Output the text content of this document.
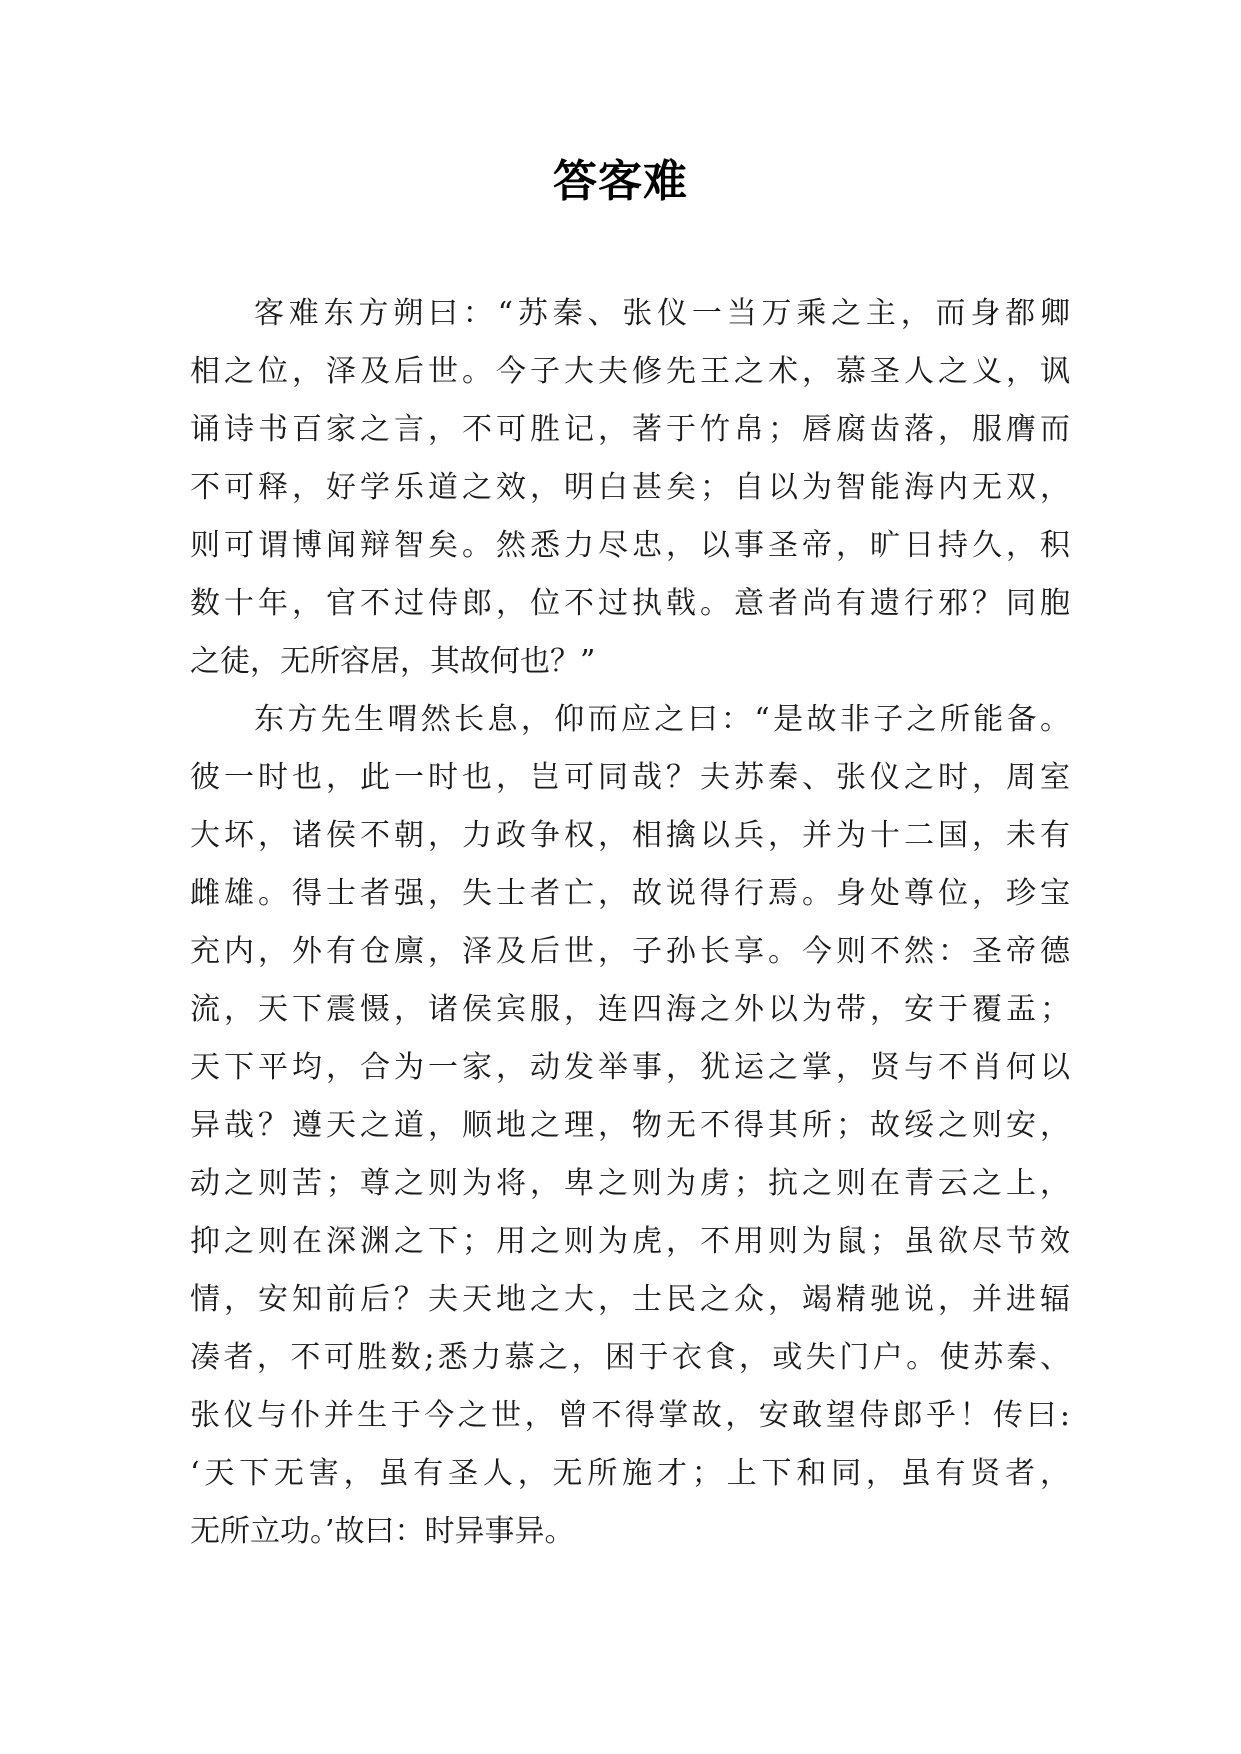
答客难
客难东方朔曰：“苏秦、张仪一当万乘之主，而身都卿
相之位，泽及后世。今子大夫修先王之术，慕圣人之义，讽
诵诗书百家之言，不可胜记，著于竹帛；唇腐齿落，服膺而
不可释，好学乐道之效，明白甚矣；自以为智能海内无双，
则可谓博闻辩智矣。然悉力尽忠，以事圣帝，旷日持久，积
数十年，官不过侍郎，位不过执戟。意者尚有遗行邪？同胞
之徒，无所容居，其故何也？”
东方先生喟然长息，仰而应之曰：“是故非子之所能备。
彼一时也，此一时也，岂可同哉？夫苏秦、张仪之时，周室
大坏，诸侯不朝，力政争权，相擒以兵，并为十二国，未有
雌雄。得士者强，失士者亡，故说得行焉。身处尊位，珍宝
充内，外有仓廪，泽及后世，子孙长享。今则不然：圣帝德
流，天下震慑，诸侯宾服，连四海之外以为带，安于覆盂；
天下平均，合为一家，动发举事，犹运之掌，贤与不肖何以
异哉？遵天之道，顺地之理，物无不得其所；故绥之则安，
动之则苦；尊之则为将，卑之则为虏；抗之则在青云之上，
抑之则在深渊之下；用之则为虎，不用则为鼠；虽欲尽节效
情，安知前后？夫天地之大，士民之众，竭精驰说，并进辐
凑者，不可胜数;悉力慕之，困于衣食，或失门户。使苏秦、
张仪与仆并生于今之世，曾不得掌故，安敢望侍郎乎！传曰:
‘天下无害，虽有圣人，无所施才；上下和同，虽有贤者，
无所立功。’故曰：时异事异。
